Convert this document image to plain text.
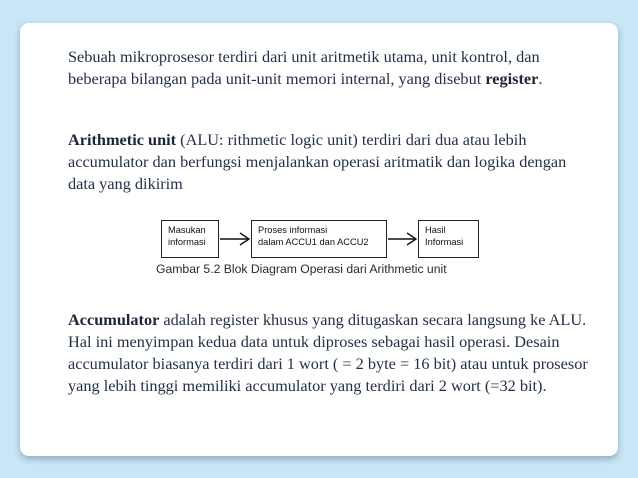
Sebuah mikroprosesor terdiri dari unit aritmetik utama, unit kontrol, dan beberapa bilangan pada unit-unit memori internal, yang disebut register.

Arithmetic unit (ALU: rithmetic logic unit) terdiri dari dua atau lebih accumulator dan berfungsi menjalankan operasi aritmatik dan logika dengan data yang dikirim

Masukan
informasi
Proses informasi
dalam ACCU1 dan ACCU2
Hasil
Informasi
Gambar 5.2 Blok Diagram Operasi dari Arithmetic unit

Accumulator adalah register khusus yang ditugaskan secara langsung ke ALU. Hal ini menyimpan kedua data untuk diproses sebagai hasil operasi. Desain accumulator biasanya terdiri dari 1 wort ( = 2 byte = 16 bit) atau untuk prosesor yang lebih tinggi memiliki accumulator yang terdiri dari 2 wort (=32 bit).
